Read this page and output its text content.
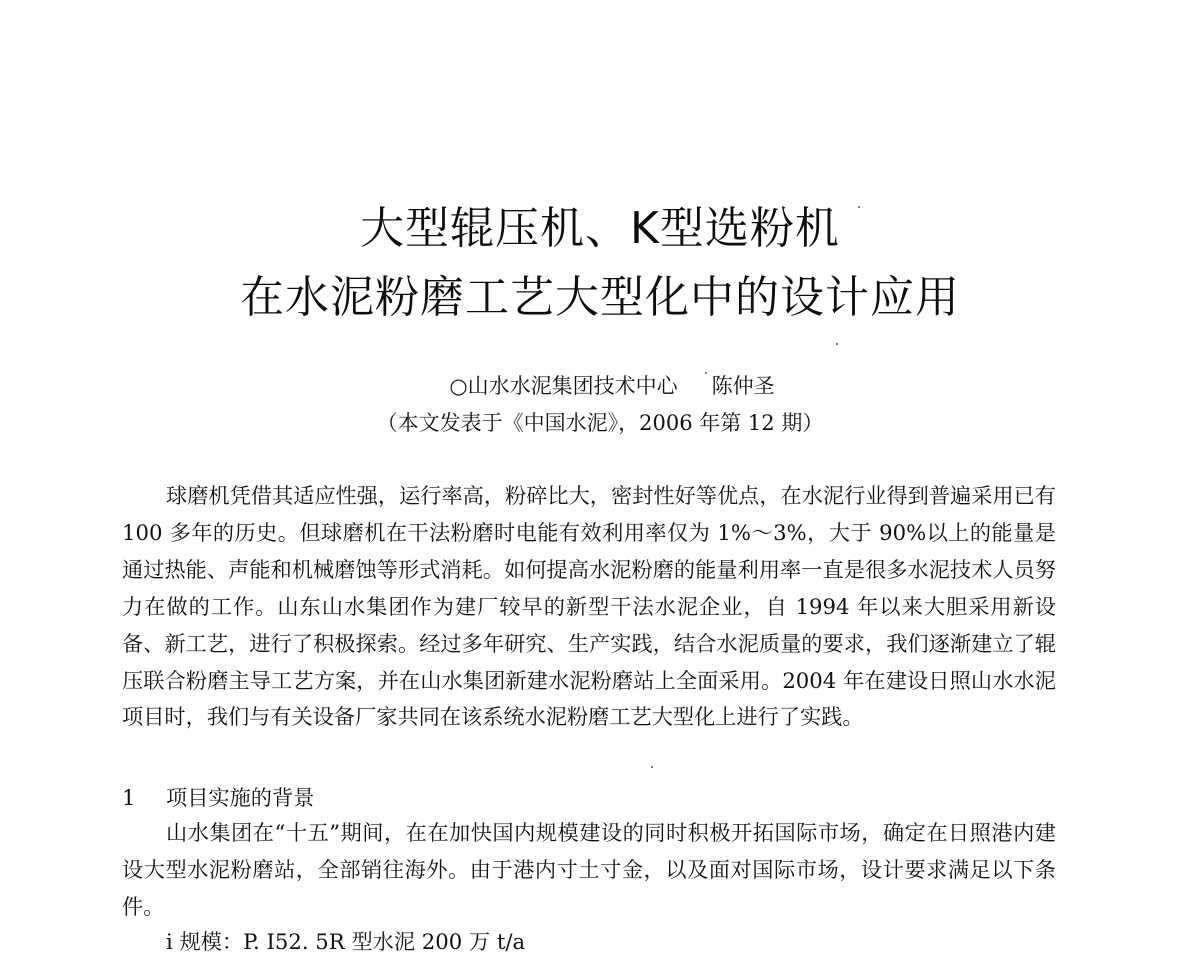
大型辊压机、K型选粉机
在水泥粉磨工艺大型化中的设计应用
○山水水泥集团技术中心 陈仲圣
（本文发表于《中国水泥》，2006 年第 12 期）
球磨机凭借其适应性强，运行率高，粉碎比大，密封性好等优点，在水泥行业得到普遍采用已有 100 多年的历史。但球磨机在干法粉磨时电能有效利用率仅为 1%～3%，大于 90%以上的能量是通过热能、声能和机械磨蚀等形式消耗。如何提高水泥粉磨的能量利用率一直是很多水泥技术人员努力在做的工作。山东山水集团作为建厂较早的新型干法水泥企业，自 1994 年以来大胆采用新设备、新工艺，进行了积极探索。经过多年研究、生产实践，结合水泥质量的要求，我们逐渐建立了辊压联合粉磨主导工艺方案，并在山水集团新建水泥粉磨站上全面采用。2004 年在建设日照山水水泥项目时，我们与有关设备厂家共同在该系统水泥粉磨工艺大型化上进行了实践。
1 项目实施的背景
山水集团在“十五”期间，在在加快国内规模建设的同时积极开拓国际市场，确定在日照港内建设大型水泥粉磨站，全部销往海外。由于港内寸土寸金，以及面对国际市场，设计要求满足以下条件。
i 规模：P. I52. 5R 型水泥 200 万 t/a
